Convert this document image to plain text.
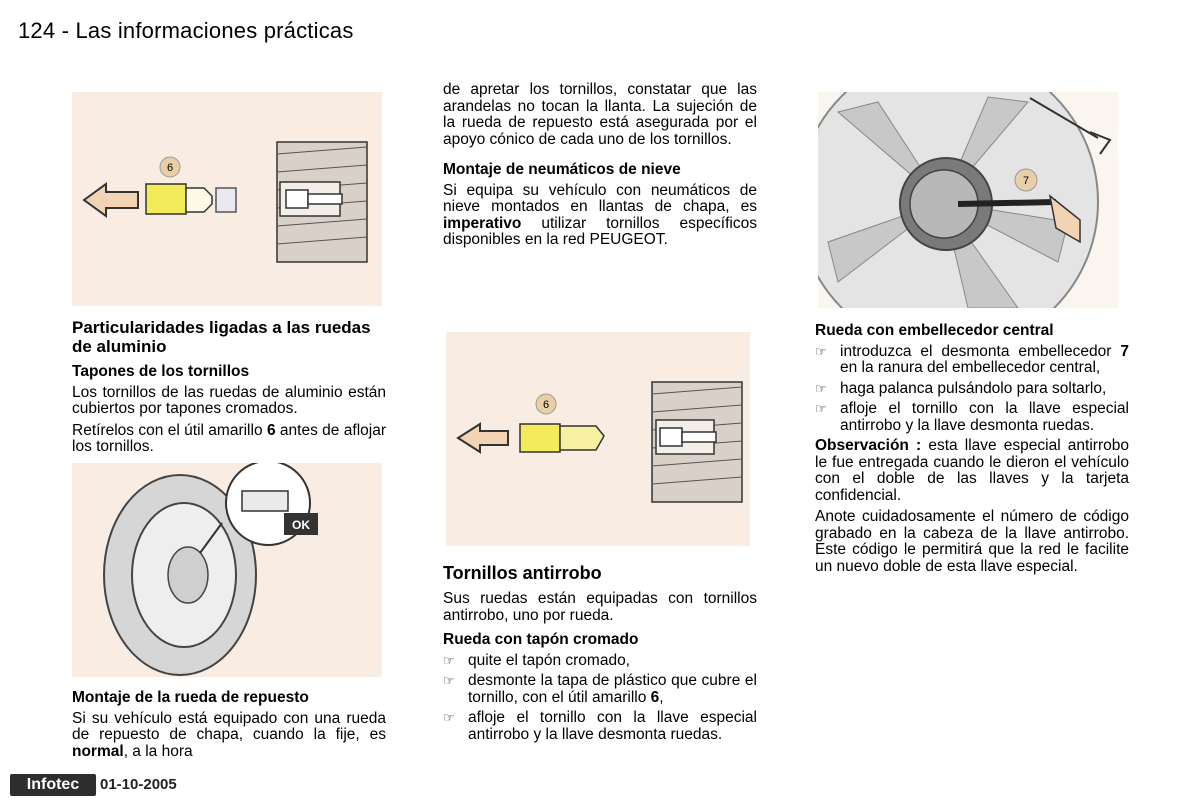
124 - Las informaciones prácticas
6
Particularidades ligadas a las ruedas de aluminio
Tapones de los tornillos

Los tornillos de las ruedas de aluminio están cubiertos por tapones cromados.

Retírelos con el útil amarillo 6 antes de aflojar los tornillos.

OK
Montaje de la rueda de repuesto

Si su vehículo está equipado con una rueda de repuesto de chapa, cuando la fije, es normal, a la hora

de apretar los tornillos, constatar que las arandelas no tocan la llanta. La sujeción de la rueda de repuesto está asegurada por el apoyo cónico de cada uno de los tornillos.

Montaje de neumáticos de nieve

Si equipa su vehículo con neumáticos de nieve montados en llantas de chapa, es imperativo utilizar tornillos específicos disponibles en la red PEUGEOT.

6
Tornillos antirrobo

Sus ruedas están equipadas con tornillos antirrobo, uno por rueda.

Rueda con tapón cromado
☞ quite el tapón cromado,
☞ desmonte la tapa de plástico que cubre el tornillo, con el útil amarillo 6,
☞ afloje el tornillo con la llave especial antirrobo y la llave desmonta ruedas.
7
Rueda con embellecedor central
☞ introduzca el desmonta embellecedor 7 en la ranura del embellecedor central,
☞ haga palanca pulsándolo para soltarlo,
☞ afloje el tornillo con la llave especial antirrobo y la llave desmonta ruedas.

Observación : esta llave especial antirrobo le fue entregada cuando le dieron el vehículo con el doble de las llaves y la tarjeta confidencial.

Anote cuidadosamente el número de código grabado en la cabeza de la llave antirrobo. Este código le permitirá que la red le facilite un nuevo doble de esta llave especial.

Infotec	01-10-2005
